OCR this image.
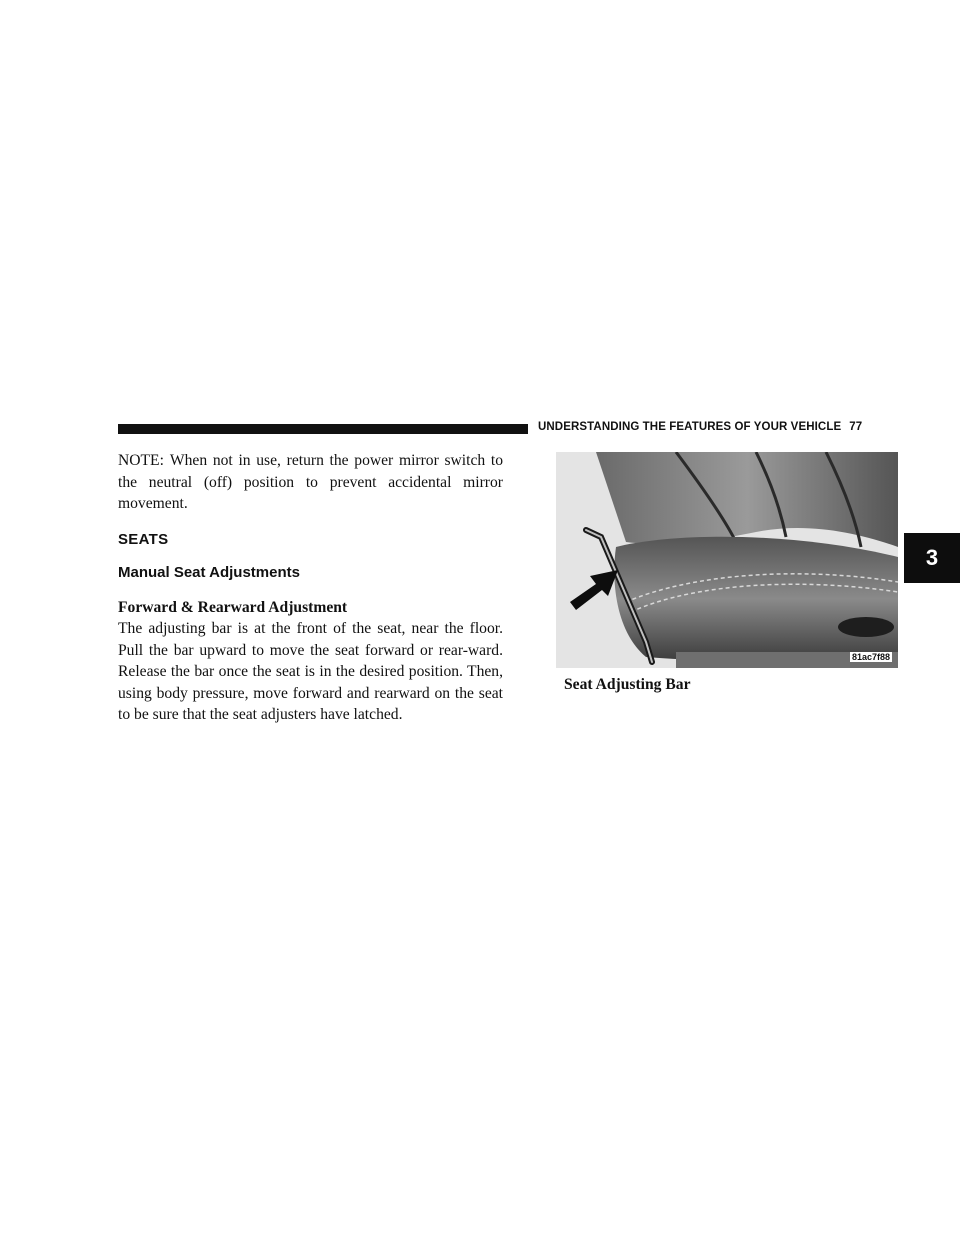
UNDERSTANDING THE FEATURES OF YOUR VEHICLE 77

NOTE: When not in use, return the power mirror switch to the neutral (off) position to prevent accidental mirror movement.

SEATS
Manual Seat Adjustments
Forward & Rearward Adjustment

The adjusting bar is at the front of the seat, near the floor. Pull the bar upward to move the seat forward or rear-ward. Release the bar once the seat is in the desired position. Then, using body pressure, move forward and rearward on the seat to be sure that the seat adjusters have latched.

81ac7f88
Seat Adjusting Bar
3
